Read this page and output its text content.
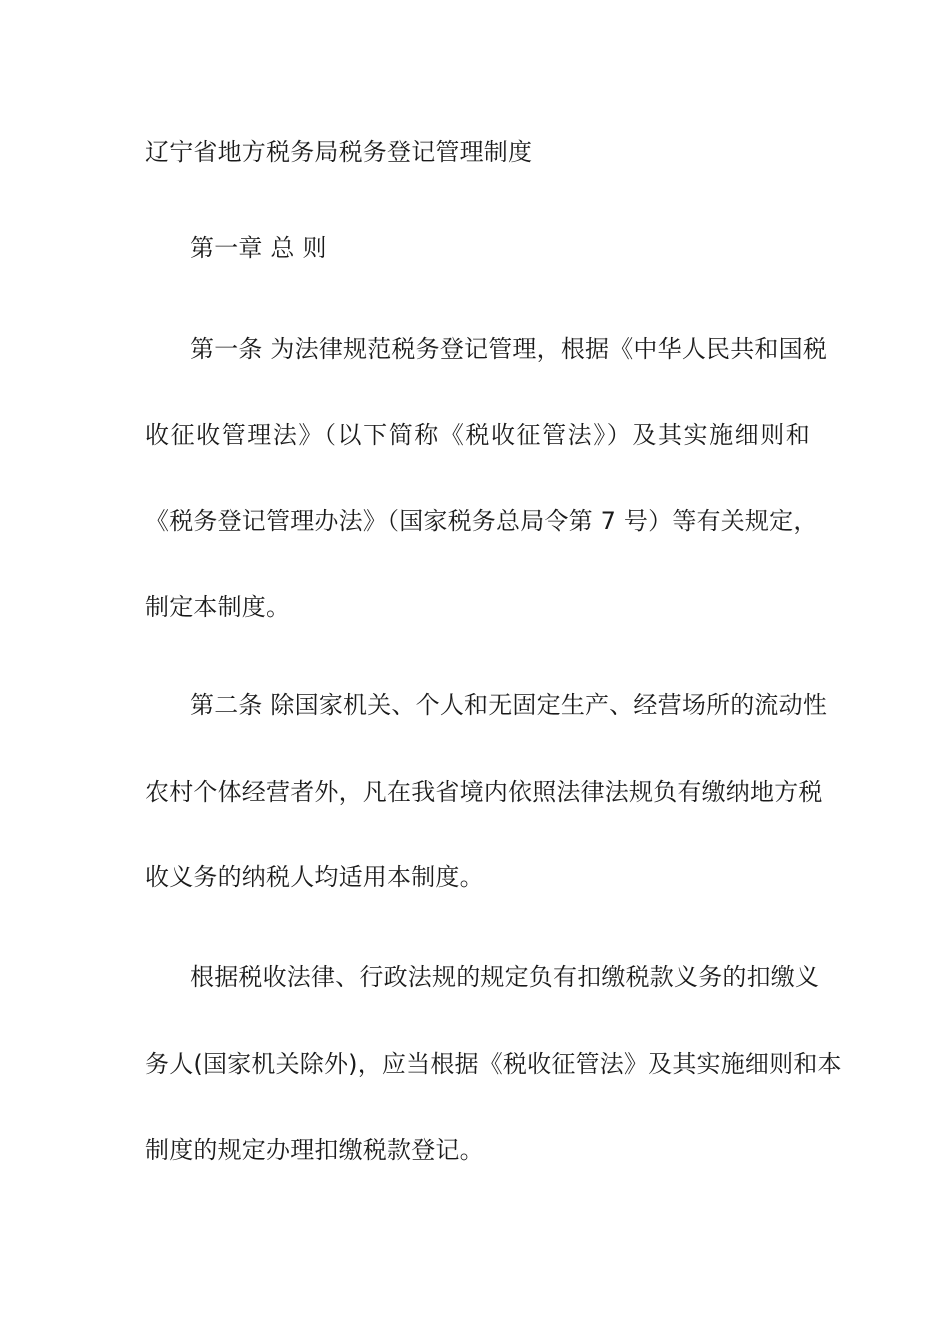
辽宁省地方税务局税务登记管理制度
第一章 总 则
第一条 为法律规范税务登记管理，根据《中华人民共和国税
收征收管理法》（以下简称《税收征管法》）及其实施细则和
《税务登记管理办法》（国家税务总局令第 7 号）等有关规定，
制定本制度。
第二条 除国家机关、个人和无固定生产、经营场所的流动性
农村个体经营者外，凡在我省境内依照法律法规负有缴纳地方税
收义务的纳税人均适用本制度。
根据税收法律、行政法规的规定负有扣缴税款义务的扣缴义
务人(国家机关除外)，应当根据《税收征管法》及其实施细则和本
制度的规定办理扣缴税款登记。
